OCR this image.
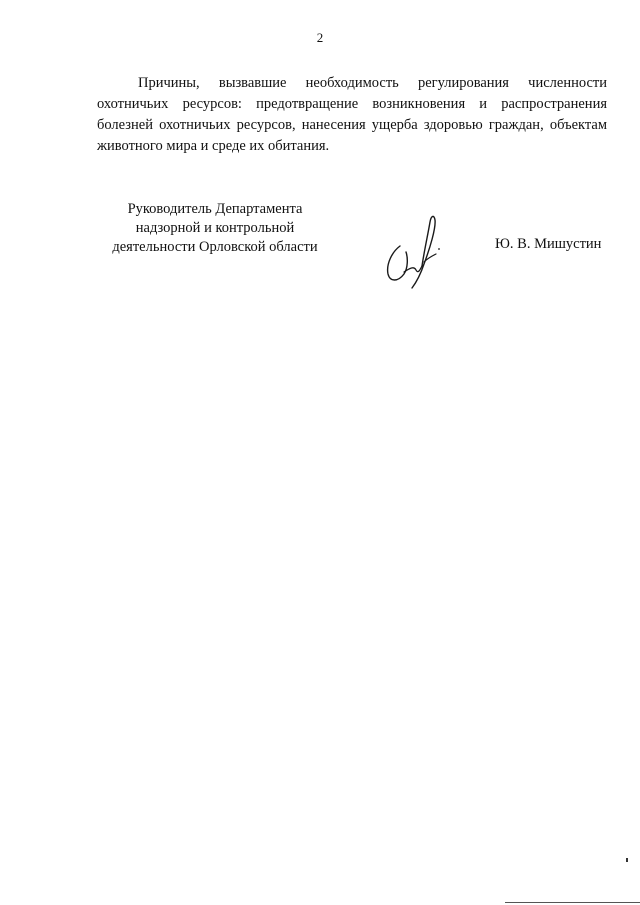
2

Причины, вызвавшие необходимость регулирования численности охотничьих ресурсов: предотвращение возникновения и распространения болезней охотничьих ресурсов, нанесения ущерба здоровью граждан, объектам животного мира и среде их обитания.

Руководитель Департамента
надзорной и контрольной
деятельности Орловской области	Ю. В. Мишустин
